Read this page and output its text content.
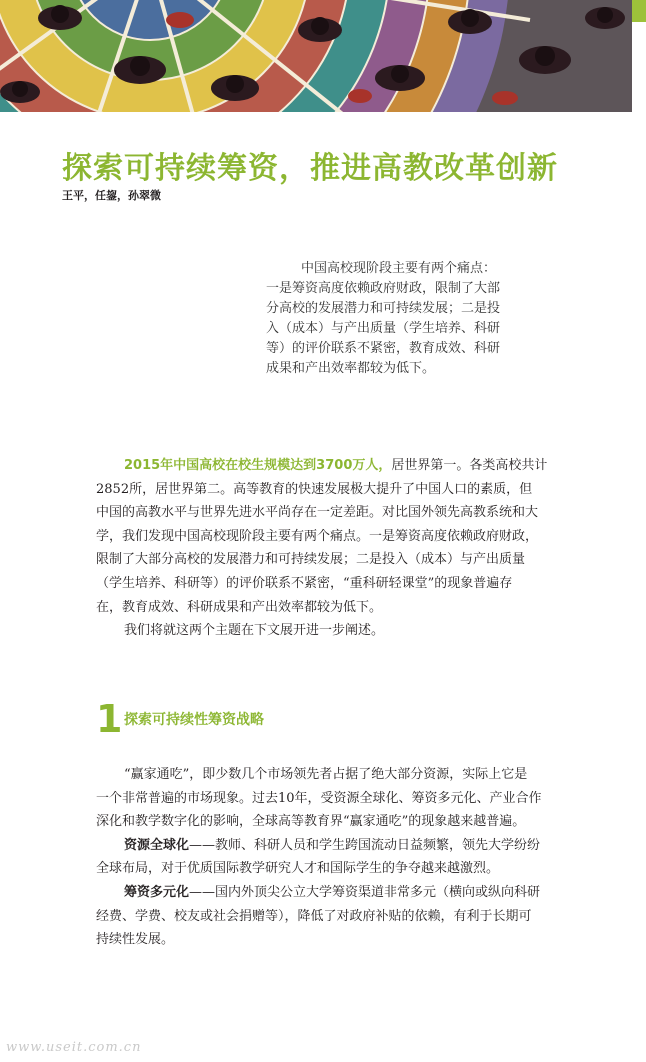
探索可持续筹资，推进高教改革创新
王平，任鋆，孙翠微
中国高校现阶段主要有两个痛点：
一是筹资高度依赖政府财政，限制了大部
分高校的发展潜力和可持续发展；二是投
入（成本）与产出质量（学生培养、科研
等）的评价联系不紧密，教育成效、科研
成果和产出效率都较为低下。
2015年中国高校在校生规模达到3700万人，居世界第一。各类高校共计
2852所，居世界第二。高等教育的快速发展极大提升了中国人口的素质，但
中国的高教水平与世界先进水平尚存在一定差距。对比国外领先高教系统和大
学，我们发现中国高校现阶段主要有两个痛点。一是筹资高度依赖政府财政，
限制了大部分高校的发展潜力和可持续发展；二是投入（成本）与产出质量
（学生培养、科研等）的评价联系不紧密，“重科研轻课堂”的现象普遍存
在，教育成效、科研成果和产出效率都较为低下。
我们将就这两个主题在下文展开进一步阐述。
1 探索可持续性筹资战略
“赢家通吃”，即少数几个市场领先者占据了绝大部分资源，实际上它是
一个非常普遍的市场现象。过去10年，受资源全球化、筹资多元化、产业合作
深化和教学数字化的影响，全球高等教育界“赢家通吃”的现象越来越普遍。
资源全球化——教师、科研人员和学生跨国流动日益频繁，领先大学纷纷
全球布局，对于优质国际教学研究人才和国际学生的争夺越来越激烈。
筹资多元化——国内外顶尖公立大学筹资渠道非常多元（横向或纵向科研
经费、学费、校友或社会捐赠等），降低了对政府补贴的依赖，有利于长期可
持续性发展。
www.useit.com.cn
